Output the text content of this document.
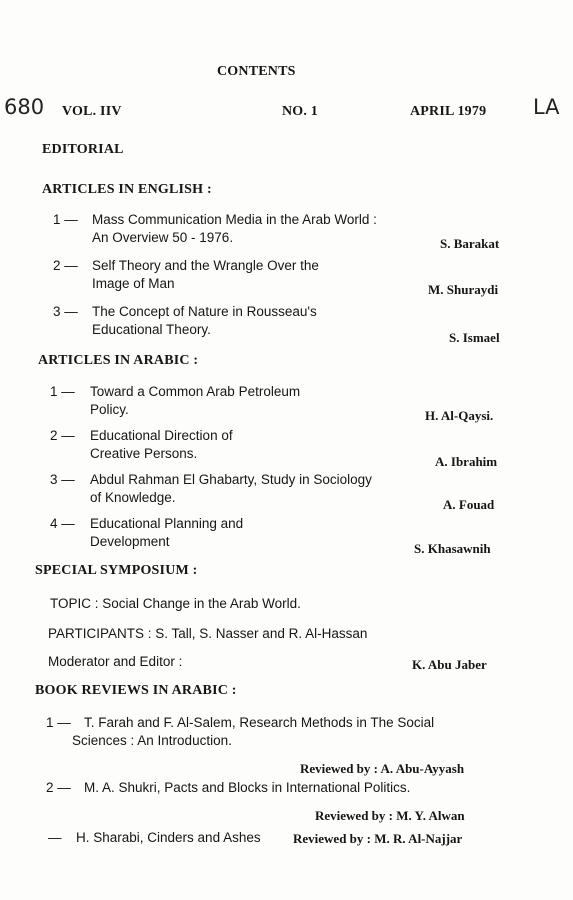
CONTENTS
680 VOL. IIV	NO. 1	APRIL 1979 LA
EDITORIAL
ARTICLES IN ENGLISH :
1 — Mass Communication Media in the Arab World :
An Overview 50 - 1976.	S. Barakat
2 — Self Theory and the Wrangle Over the
Image of Man	M. Shuraydi
3 — The Concept of Nature in Rousseau's
Educational Theory.
S. Ismael
ARTICLES IN ARABIC :
1 — Toward a Common Arab Petroleum
Policy.	H. Al-Qaysi.
2 — Educational Direction of
Creative Persons.
A. Ibrahim
3 — Abdul Rahman El Ghabarty, Study in Sociology
of Knowledge.	A. Fouad
4 — Educational Planning and
Development	S. Khasawnih
SPECIAL SYMPOSIUM :
TOPIC : Social Change in the Arab World.
PARTICIPANTS : S. Tall, S. Nasser and R. Al-Hassan
Moderator and Editor :	K. Abu Jaber
BOOK REVIEWS IN ARABIC :
1 — T. Farah and F. Al-Salem, Research Methods in The Social
Sciences : An Introduction.
Reviewed by : A. Abu-Ayyash
2 — M. A. Shukri, Pacts and Blocks in International Politics.
Reviewed by : M. Y. Alwan
— H. Sharabi, Cinders and Ashes Reviewed by : M. R. Al-Najjar
